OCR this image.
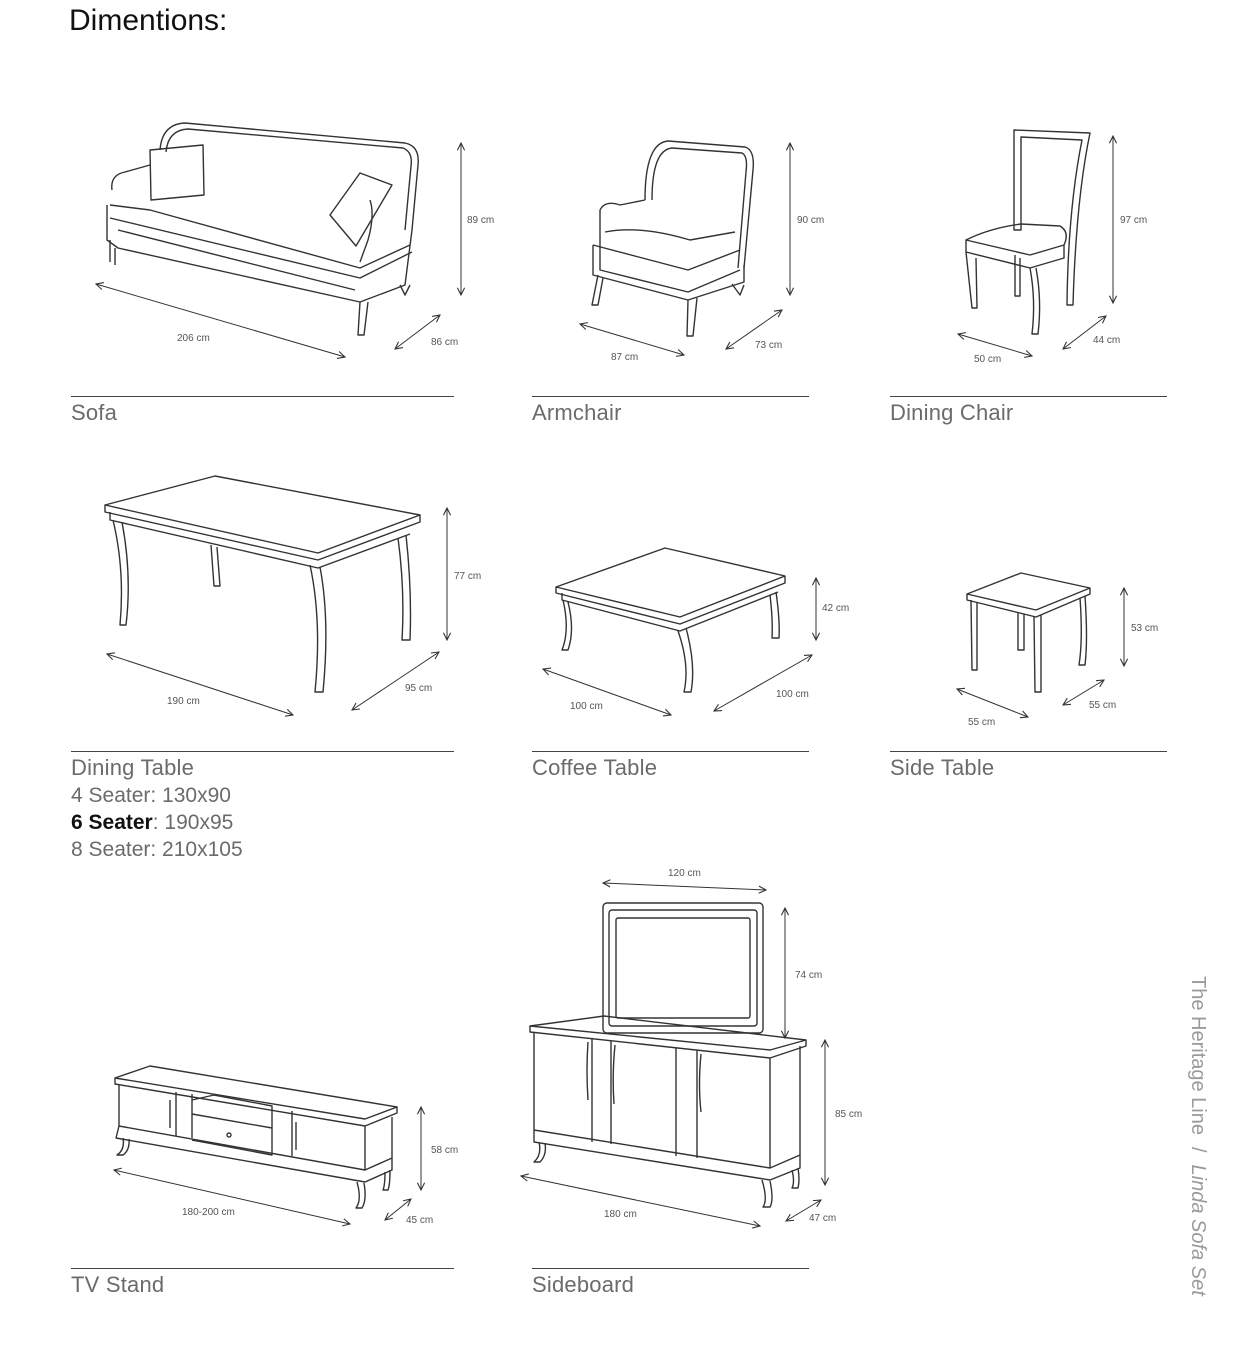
Dimentions:
89 cm
206 cm	86 cm
90 cm
87 cm
73 cm
97 cm
50 cm
44 cm
77 cm
190 cm
95 cm
42 cm
100 cm
100 cm
53 cm
55 cm
55 cm
58 cm
180-200 cm
45 cm
120 cm
74 cm
85 cm
180 cm	47 cm
Sofa	Armchair	Dining Chair
Dining Table
4 Seater: 130x90
6 Seater: 190x95
8 Seater: 210x105
Coffee Table	Side Table
TV Stand	Sideboard
The Heritage Line/Linda Sofa Set
